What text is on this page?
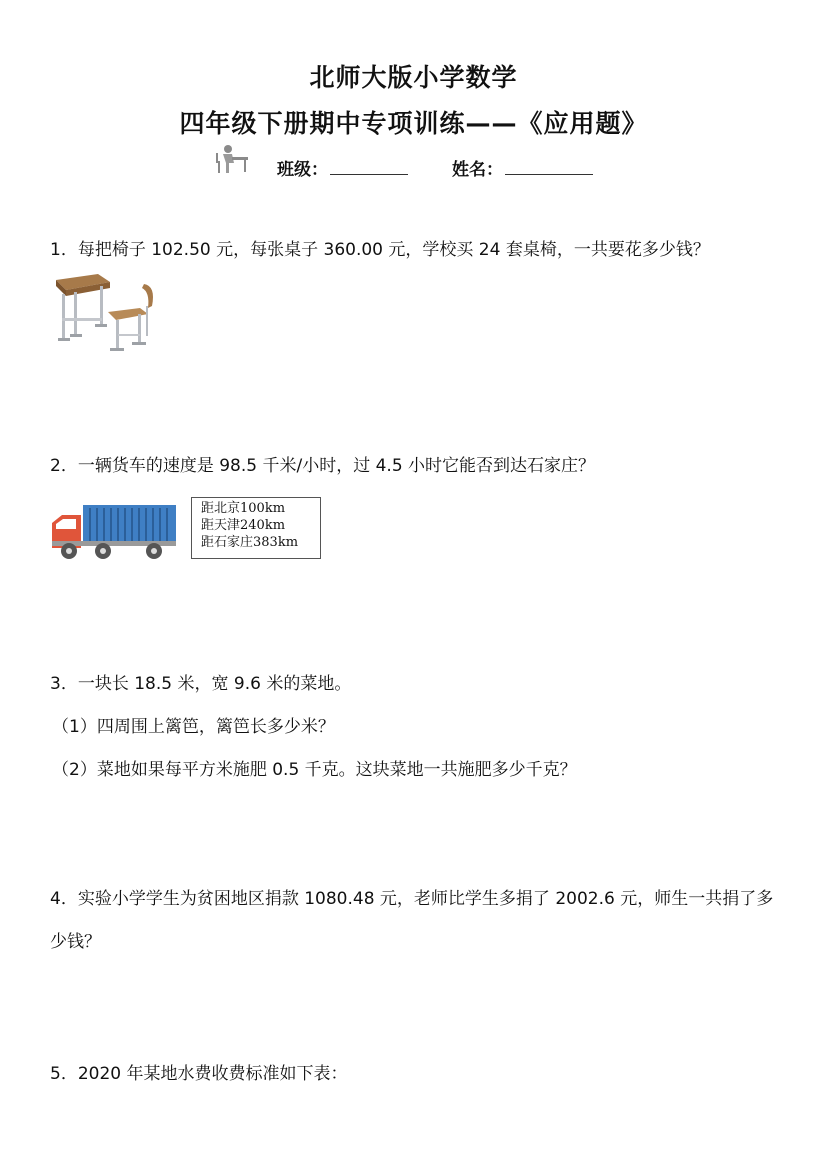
北师大版小学数学
四年级下册期中专项训练——《应用题》
班级：	姓名：
1．每把椅子 102.50 元，每张桌子 360.00 元，学校买 24 套桌椅，一共要花多少钱？
2．一辆货车的速度是 98.5 千米/小时，过 4.5 小时它能否到达石家庄？
距北京100km
距天津240km
距石家庄383km
3．一块长 18.5 米，宽 9.6 米的菜地。
（1）四周围上篱笆，篱笆长多少米？
（2）菜地如果每平方米施肥 0.5 千克。这块菜地一共施肥多少千克？
4．实验小学学生为贫困地区捐款 1080.48 元，老师比学生多捐了 2002.6 元，师生一共捐了多少钱？
5．2020 年某地水费收费标准如下表：
